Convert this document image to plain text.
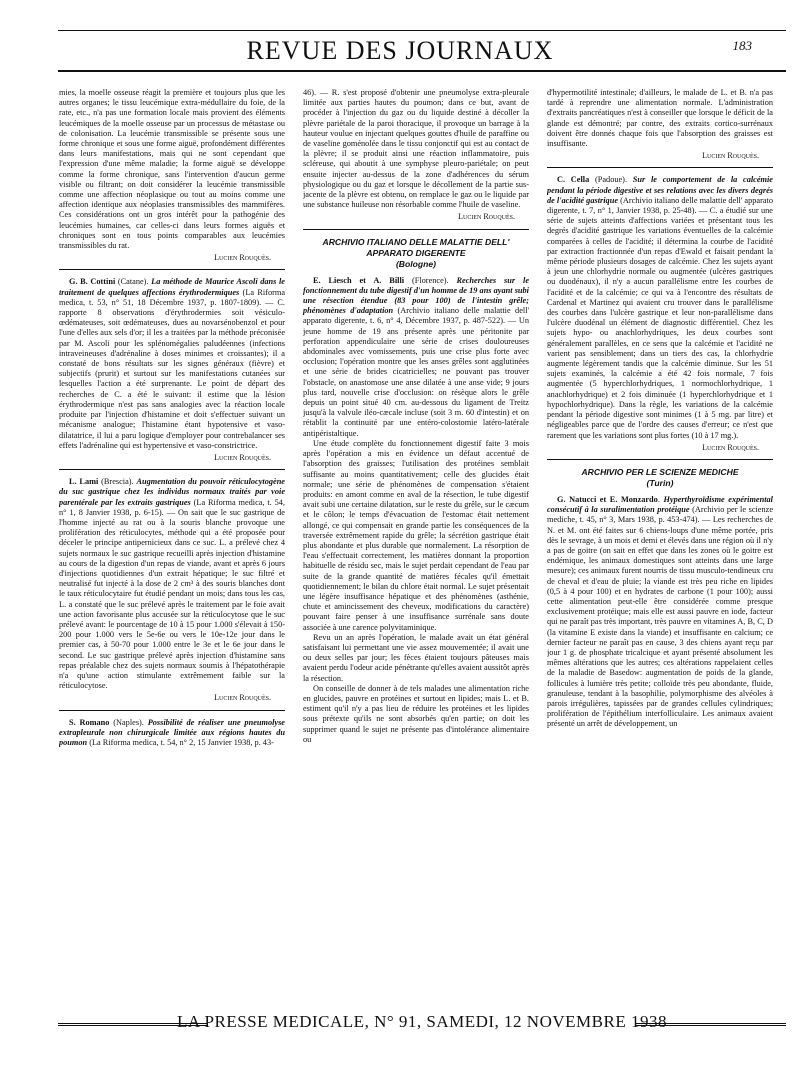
REVUE DES JOURNAUX	183

mies, la moelle osseuse réagit la première et toujours plus que les autres organes; le tissu leucémique extra-médullaire du foie, de la rate, etc., n'a pas une formation locale mais provient des éléments leucémiques de la moelle osseuse par un processus de métastase ou de colonisation. La leucémie transmissible se présente sous une forme chronique et sous une forme aiguë, profondément différentes dans leurs manifestations, mais qui ne sont cependant que l'expression d'une même maladie; la forme aiguë se développe comme la forme chronique, sans l'intervention d'aucun germe visible ou filtrant; on doit considérer la leucémie transmissible comme une affection néoplasique ou tout au moins comme une affection identique aux néoplasies transmissibles des mammifères. Ces considérations ont un gros intérêt pour la pathogénie des leucémies humaines, car celles-ci dans leurs formes aiguës et chroniques sont en tous points comparables aux leucémies transmissibles du rat.

Lucien Rouquès.

G. B. Cottini (Catane). La méthode de Maurice Ascoli dans le traitement de quelques affections érythrodermiques (La Riforma medica, t. 53, n° 51, 18 Décembre 1937, p. 1807-1809). — C. rapporte 8 observations d'érythrodermies soit vésiculo-œdémateuses, soit œdémateuses, dues au novarsénobenzol et pour l'une d'elles aux sels d'or; il les a traitées par la méthode préconisée par M. Ascoli pour les splénomégalies paludéennes (infections intraveineuses d'adrénaline à doses minimes et croissantes); il a constaté de bons résultats sur les signes généraux (fièvre) et subjectifs (prurit) et surtout sur les manifestations cutanées sur lesquelles l'action a été surprenante. Le point de départ des recherches de C. a été le suivant: il estime que la lésion érythrodermique n'est pas sans analogies avec la réaction locale produite par l'injection d'histamine et doit s'effectuer suivant un mécanisme analogue; l'histamine étant hypotensive et vaso-dilatatrice, il lui a paru logique d'employer pour contrebalancer ses effets l'adrénaline qui est hypertensive et vaso-constrictrice.

Lucien Rouquès.

L. Lami (Brescia). Augmentation du pouvoir réticulocytogène du suc gastrique chez les individus normaux traités par voie parentérale par les extraits gastriques (La Riforma medica, t. 54, n° 1, 8 Janvier 1938, p. 6-15). — On sait que le suc gastrique de l'homme injecté au rat ou à la souris blanche provoque une prolifération des réticulocytes, méthode qui a été proposée pour déceler le principe antipernicieux dans ce suc. L. a prélevé chez 4 sujets normaux le suc gastrique recueilli après injection d'histamine au cours de la digestion d'un repas de viande, avant et après 6 jours d'injections quotidiennes d'un extrait hépatique; le suc filtré et neutralisé fut injecté à la dose de 2 cm³ à des souris blanches dont le taux réticulocytaire fut étudié pendant un mois; dans tous les cas, L. a constaté que le suc prélevé après le traitement par le foie avait une action favorisante plus accusée sur la réticulocytose que le suc prélevé avant: le pourcentage de 10 à 15 pour 1.000 s'élevait à 150-200 pour 1.000 vers le 5e-6e ou vers le 10e-12e jour dans le premier cas, à 50-70 pour 1.000 entre le 3e et le 6e jour dans le second. Le suc gastrique prélevé après injection d'histamine sans repas préalable chez des sujets normaux soumis à l'hépatothérapie n'a qu'une action stimulante extrêmement faible sur la réticulocytose.

Lucien Rouquès.

S. Romano (Naples). Possibilité de réaliser une pneumolyse extrapleurale non chirurgicale limitée aux régions hautes du poumon (La Riforma medica, t. 54, n° 2, 15 Janvier 1938, p. 43-

46). — R. s'est proposé d'obtenir une pneumolyse extra-pleurale limitée aux parties hautes du poumon; dans ce but, avant de procéder à l'injection du gaz ou du liquide destiné à décoller la plèvre pariétale de la paroi thoracique, il provoque un barrage à la hauteur voulue en injectant quelques gouttes d'huile de paraffine ou de vaseline goménolée dans le tissu conjonctif qui est au contact de la plèvre; il se produit ainsi une réaction inflammatoire, puis scléreuse, qui aboutit à une symphyse pleuro-pariétale; on peut ensuite injecter au-dessus de la zone d'adhérences du sérum physiologique ou du gaz et lorsque le décollement de la partie sus-jacente de la plèvre est obtenu, on remplace le gaz ou le liquide par une substance huileuse non résorbable comme l'huile de vaseline.

Lucien Rouquès.
ARCHIVIO ITALIANO DELLE MALATTIE DELL' APPARATO DIGERENTE
(Bologne)

E. Liesch et A. Billi (Florence). Recherches sur le fonctionnement du tube digestif d'un homme de 19 ans ayant subi une résection étendue (83 pour 100) de l'intestin grêle; phénomènes d'adaptation (Archivio italiano delle malattie dell' apparato digerente, t. 6, n° 4, Décembre 1937, p. 487-522). — Un jeune homme de 19 ans présente après une péritonite par perforation appendiculaire une série de crises douloureuses abdominales avec vomissements, puis une crise plus forte avec occlusion; l'opération montre que les anses grêles sont agglutinées et une série de brides cicatricielles; ne pouvant pas trouver l'obstacle, on anastomose une anse dilatée à une anse vide; 9 jours plus tard, nouvelle crise d'occlusion: on résèque alors le grêle depuis un point situé 40 cm. au-dessous du ligament de Treitz jusqu'à la valvule iléo-cæcale incluse (soit 3 m. 60 d'intestin) et on rétablit la continuité par une entéro-colostomie latéro-latérale antipéristaltique.

Une étude complète du fonctionnement digestif faite 3 mois après l'opération a mis en évidence un défaut accentué de l'absorption des graisses; l'utilisation des protéines semblait suffisante au moins quantitativement; celle des glucides était normale; une série de phénomènes de compensation s'étaient produits: en amont comme en aval de la résection, le tube digestif avait subi une certaine dilatation, sur le reste du grêle, sur le cæcum et le côlon; le temps d'évacuation de l'estomac était nettement allongé, ce qui compensait en grande partie les conséquences de la traversée extrêmement rapide du grêle; la sécrétion gastrique était plus abondante et plus durable que normalement. La résorption de l'eau s'effectuait correctement, les matières donnant la proportion habituelle de résidu sec, mais le sujet perdait cependant de l'eau par suite de la grande quantité de matières fécales qu'il émettait quotidiennement; le bilan du chlore était normal. Le sujet présentait une légère insuffisance hépatique et des phénomènes (asthénie, chute et amincissement des cheveux, modifications du caractère) pouvant faire penser à une insuffisance surrénale sans doute associée à une carence polyvitaminique.

Revu un an après l'opération, le malade avait un état général satisfaisant lui permettant une vie assez mouvementée; il avait une ou deux selles par jour; les fèces étaient toujours pâteuses mais avaient perdu l'odeur acide pénétrante qu'elles avaient aussitôt après la résection.

On conseille de donner à de tels malades une alimentation riche en glucides, pauvre en protéines et surtout en lipides; mais L. et B. estiment qu'il n'y a pas lieu de réduire les protéines et les lipides sous prétexte qu'ils ne sont absorbés qu'en partie; on doit les supprimer quand le sujet ne présente pas d'intolérance alimentaire ou

d'hypermotilité intestinale; d'ailleurs, le malade de L. et B. n'a pas tardé à reprendre une alimentation normale. L'administration d'extraits pancréatiques n'est à conseiller que lorsque le déficit de la glande est démontré; par contre, des extraits cortico-surrénaux doivent être donnés chaque fois que l'absorption des graisses est insuffisante.

Lucien Rouquès.

C. Cella (Padoue). Sur le comportement de la calcémie pendant la période digestive et ses relations avec les divers degrés de l'acidité gastrique (Archivio italiano delle malattie dell' apparato digerente, t. 7, n° 1, Janvier 1938, p. 25-48). — C. a étudié sur une série de sujets atteints d'affections variées et présentant tous les degrés d'acidité gastrique les variations éventuelles de la calcémie comparées à celles de l'acidité; il détermina la courbe de l'acidité par extraction fractionnée d'un repas d'Ewald et faisait pendant la même période plusieurs dosages de calcémie. Chez les sujets ayant à jeun une chlorhydrie normale ou augmentée (ulcères gastriques ou duodénaux), il n'y a aucun parallélisme entre les courbes de l'acidité et de la calcémie; ce qui va à l'encontre des résultats de Cardenal et Martinez qui avaient cru trouver dans le parallélisme des courbes dans l'ulcère gastrique et leur non-parallélisme dans l'ulcère duodénal un élément de diagnostic différentiel. Chez les sujets hypo- ou anachlorhydriques, les deux courbes sont généralement parallèles, en ce sens que la calcémie et l'acidité ne varient pas sensiblement; dans un tiers des cas, la chlorhydrie augmente légèrement tandis que la calcémie diminue. Sur les 51 sujets examinés, la calcémie a été 42 fois normale, 7 fois augmentée (5 hyperchlorhydriques, 1 normochlorhydrique, 1 anachlorhydrique) et 2 fois diminuée (1 hyperchlorhydrique et 1 hypochlorhydrique). Dans la règle, les variations de la calcémie pendant la période digestive sont minimes (1 à 5 mg. par litre) et négligeables parce que de l'ordre des causes d'erreur; ce n'est que rarement que les variations sont plus fortes (10 à 17 mg.).

Lucien Rouquès.
ARCHIVIO PER LE SCIENZE MEDICHE
(Turin)

G. Natucci et E. Monzardo. Hyperthyroïdisme expérimental consécutif à la suralimentation protéique (Archivio per le scienze mediche, t. 45, n° 3, Mars 1938, p. 453-474). — Les recherches de N. et M. ont été faites sur 6 chiens-loups d'une même portée, pris dès le sevrage, à un mois et demi et élevés dans une région où il n'y a pas de goitre (on sait en effet que dans les zones où le goitre est endémique, les animaux domestiques sont atteints dans une large mesure); ces animaux furent nourris de tissu musculo-tendineux cru de cheval et d'eau de pluie; la viande est très peu riche en lipides (0,5 à 4 pour 100) et en hydrates de carbone (1 pour 100); aussi cette alimentation peut-elle être considérée comme presque exclusivement protéique; mais elle est aussi pauvre en iode, facteur qui ne paraît pas très important, très pauvre en vitamines A, B, C, D (la vitamine E existe dans la viande) et insuffisante en calcium; ce dernier facteur ne paraît pas en cause, 3 des chiens ayant reçu par jour 1 g. de phosphate tricalcique et ayant présenté absolument les mêmes altérations que les autres; ces altérations rappelaient celles de la maladie de Basedow: augmentation de poids de la glande, follicules à lumière très petite; colloïde très peu abondante, fluide, granuleuse, tendant à la basophilie, polymorphisme des alvéoles à parois irrégulières, tapissées par de grandes cellules cylindriques; prolifération de l'épithélium interfolliculaire. Les animaux avaient présenté un arrêt de développement, un

LA PRESSE MEDICALE, N° 91, SAMEDI, 12 NOVEMBRE 1938
